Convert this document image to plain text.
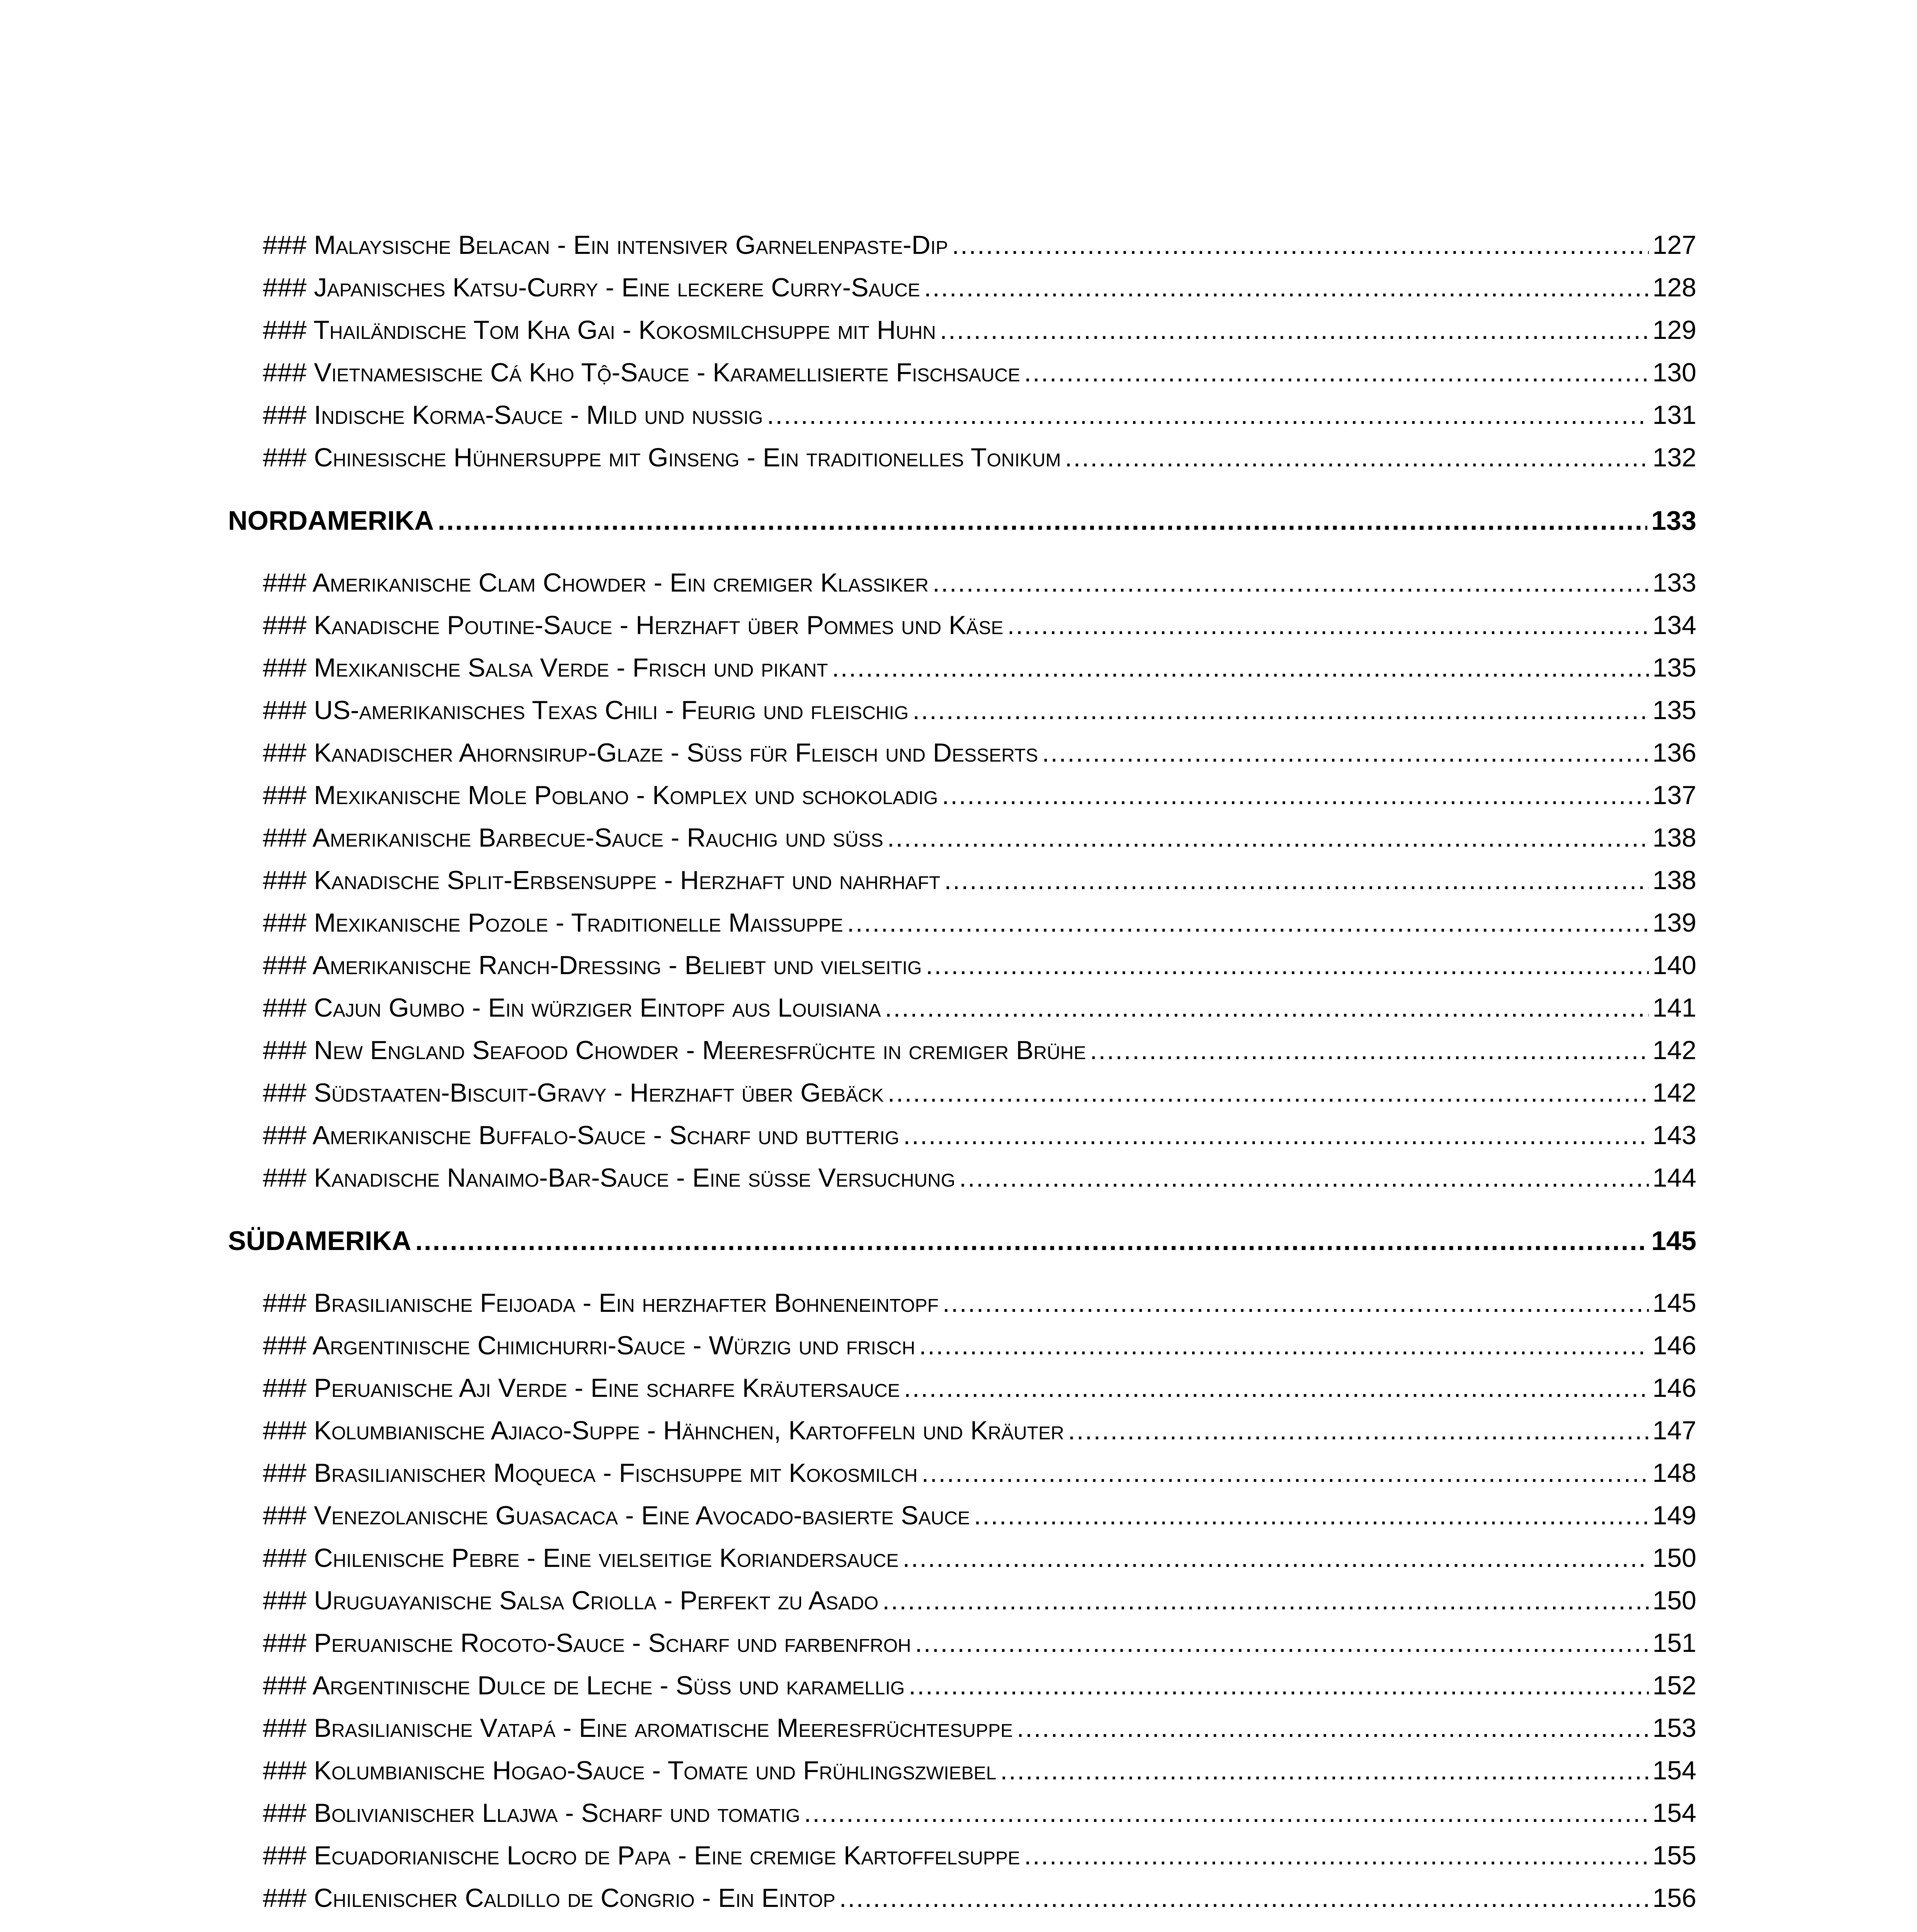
### Malaysische Belacan - Ein intensiver Garnelenpaste-Dip .....	127
### Japanisches Katsu-Curry - Eine leckere Curry-Sauce .....	128
### Thailändische Tom Kha Gai - Kokosmilchsuppe mit Huhn .....	129
### Vietnamesische Cá Kho Tộ-Sauce - Karamellisierte Fischsauce .....	130
### Indische Korma-Sauce - Mild und nussig .....	131
### Chinesische Hühnersuppe mit Ginseng - Ein traditionelles Tonikum .....	132
NORDAMERIKA .....	133
### Amerikanische Clam Chowder - Ein cremiger Klassiker .....	133
### Kanadische Poutine-Sauce - Herzhaft über Pommes und Käse .....	134
### Mexikanische Salsa Verde - Frisch und pikant .....	135
### US-amerikanisches Texas Chili - Feurig und fleischig .....	135
### Kanadischer Ahornsirup-Glaze - Süß für Fleisch und Desserts .....	136
### Mexikanische Mole Poblano - Komplex und schokoladig .....	137
### Amerikanische Barbecue-Sauce - Rauchig und süß .....	138
### Kanadische Split-Erbsensuppe - Herzhaft und nahrhaft .....	138
### Mexikanische Pozole - Traditionelle Maissuppe .....	139
### Amerikanische Ranch-Dressing - Beliebt und vielseitig .....	140
### Cajun Gumbo - Ein würziger Eintopf aus Louisiana .....	141
### New England Seafood Chowder - Meeresfrüchte in cremiger Brühe .....	142
### Südstaaten-Biscuit-Gravy - Herzhaft über Gebäck .....	142
### Amerikanische Buffalo-Sauce - Scharf und butterig .....	143
### Kanadische Nanaimo-Bar-Sauce - Eine süße Versuchung .....	144
SÜDAMERIKA .....	145
### Brasilianische Feijoada - Ein herzhafter Bohneneintopf .....	145
### Argentinische Chimichurri-Sauce - Würzig und frisch .....	146
### Peruanische Aji Verde - Eine scharfe Kräutersauce .....	146
### Kolumbianische Ajiaco-Suppe - Hähnchen, Kartoffeln und Kräuter .....	147
### Brasilianischer Moqueca - Fischsuppe mit Kokosmilch .....	148
### Venezolanische Guasacaca - Eine Avocado-basierte Sauce .....	149
### Chilenische Pebre - Eine vielseitige Koriandersauce .....	150
### Uruguayanische Salsa Criolla - Perfekt zu Asado .....	150
### Peruanische Rocoto-Sauce - Scharf und farbenfroh .....	151
### Argentinische Dulce de Leche - Süß und karamellig .....	152
### Brasilianische Vatapá - Eine aromatische Meeresfrüchtesuppe .....	153
### Kolumbianische Hogao-Sauce - Tomate und Frühlingszwiebel .....	154
### Bolivianischer Llajwa - Scharf und tomatig .....	154
### Ecuadorianische Locro de Papa - Eine cremige Kartoffelsuppe .....	155
### Chilenischer Caldillo de Congrio - Ein Eintop .....	156
